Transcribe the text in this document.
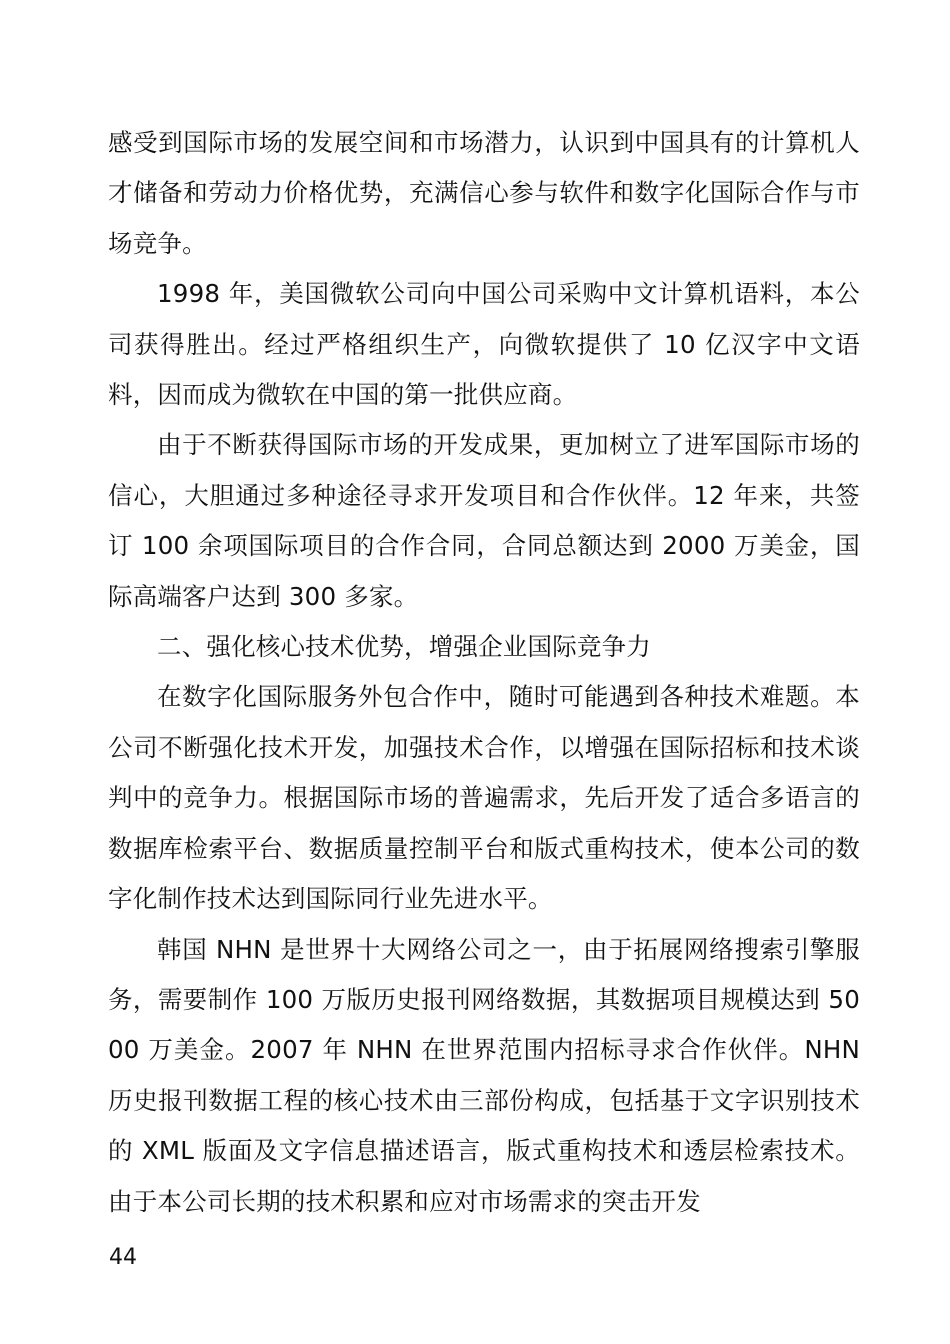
感受到国际市场的发展空间和市场潜力，认识到中国具有的计算机人才储备和劳动力价格优势，充满信心参与软件和数字化国际合作与市场竞争。

1998 年，美国微软公司向中国公司采购中文计算机语料，本公司获得胜出。经过严格组织生产，向微软提供了 10 亿汉字中文语料，因而成为微软在中国的第一批供应商。

由于不断获得国际市场的开发成果，更加树立了进军国际市场的信心，大胆通过多种途径寻求开发项目和合作伙伴。12 年来，共签订 100 余项国际项目的合作合同，合同总额达到 2000 万美金，国际高端客户达到 300 多家。

二、强化核心技术优势，增强企业国际竞争力

在数字化国际服务外包合作中，随时可能遇到各种技术难题。本公司不断强化技术开发，加强技术合作，以增强在国际招标和技术谈判中的竞争力。根据国际市场的普遍需求，先后开发了适合多语言的数据库检索平台、数据质量控制平台和版式重构技术，使本公司的数字化制作技术达到国际同行业先进水平。

韩国 NHN 是世界十大网络公司之一，由于拓展网络搜索引擎服务，需要制作 100 万版历史报刊网络数据，其数据项目规模达到 5000 万美金。2007 年 NHN 在世界范围内招标寻求合作伙伴。NHN 历史报刊数据工程的核心技术由三部份构成，包括基于文字识别技术的 XML 版面及文字信息描述语言，版式重构技术和透层检索技术。由于本公司长期的技术积累和应对市场需求的突击开发

44
